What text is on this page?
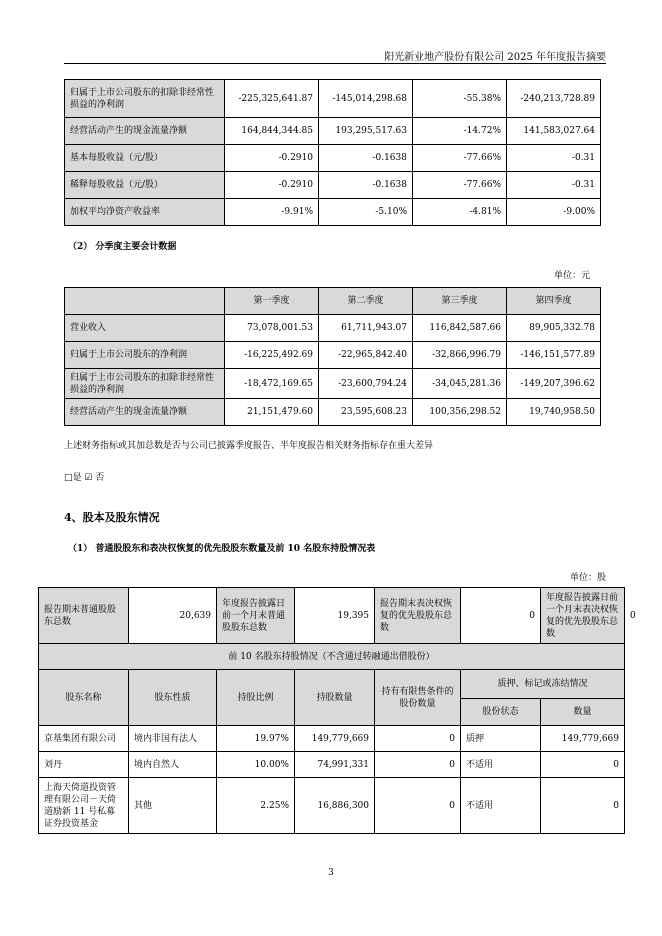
阳光新业地产股份有限公司 2025 年年度报告摘要
归属于上市公司股东的扣除非经常性损益的净利润	-225,325,641.87	-145,014,298.68	-55.38%	-240,213,728.89
经营活动产生的现金流量净额	164,844,344.85	193,295,517.63	-14.72%	141,583,027.64
基本每股收益（元/股）	-0.2910	-0.1638	-77.66%	-0.31
稀释每股收益（元/股）	-0.2910	-0.1638	-77.66%	-0.31
加权平均净资产收益率	-9.91%	-5.10%	-4.81%	-9.00%
（2） 分季度主要会计数据
单位：元
	第一季度	第二季度	第三季度	第四季度
营业收入	73,078,001.53	61,711,943.07	116,842,587.66	89,905,332.78
归属于上市公司股东的净利润	-16,225,492.69	-22,965,842.40	-32,866,996.79	-146,151,577.89
归属于上市公司股东的扣除非经常性损益的净利润	-18,472,169.65	-23,600,794.24	-34,045,281.36	-149,207,396.62
经营活动产生的现金流量净额	21,151,479.60	23,595,608.23	100,356,298.52	19,740,958.50
上述财务指标或其加总数是否与公司已披露季度报告、半年度报告相关财务指标存在重大差异
□是 ☑ 否
4、股本及股东情况
（1） 普通股股东和表决权恢复的优先股股东数量及前 10 名股东持股情况表
单位：股
报告期末普通股股东总数	20,639	年度报告披露日前一个月末普通股股东总数	19,395	报告期末表决权恢复的优先股股东总数	0	年度报告披露日前一个月末表决权恢复的优先股股东总数	0
前 10 名股东持股情况（不含通过转融通出借股份）							
股东名称	股东性质	持股比例	持股数量	持有有限售条件的股份数量	质押、标记或冻结情况		
					股份状态	数量	
京基集团有限公司	境内非国有法人	19.97%	149,779,669	0	质押	149,779,669	
刘丹	境内自然人	10.00%	74,991,331	0	不适用	0	
上海天倚道投资管理有限公司－天倚道励新 11 号私募证券投资基金	其他	2.25%	16,886,300	0	不适用	0	
3
